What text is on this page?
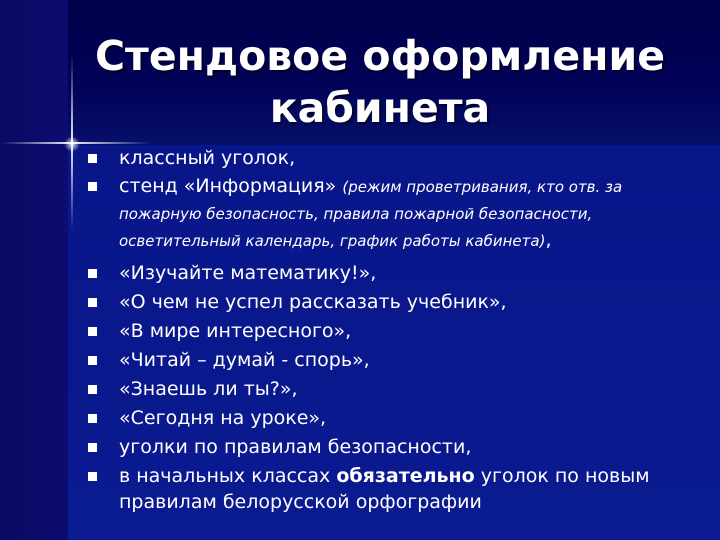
Стендовое оформление кабинета
классный уголок,
стенд «Информация» (режим проветривания, кто отв. за пожарную безопасность, правила пожарной безопасности, осветительный календарь, график работы кабинета),
«Изучайте математику!»,
«О чем не успел рассказать учебник»,
«В мире интересного»,
«Читай – думай - спорь»,
«Знаешь ли ты?»,
«Сегодня на уроке»,
уголки по правилам безопасности,
в начальных классах обязательно уголок по новым правилам белорусской орфографии
